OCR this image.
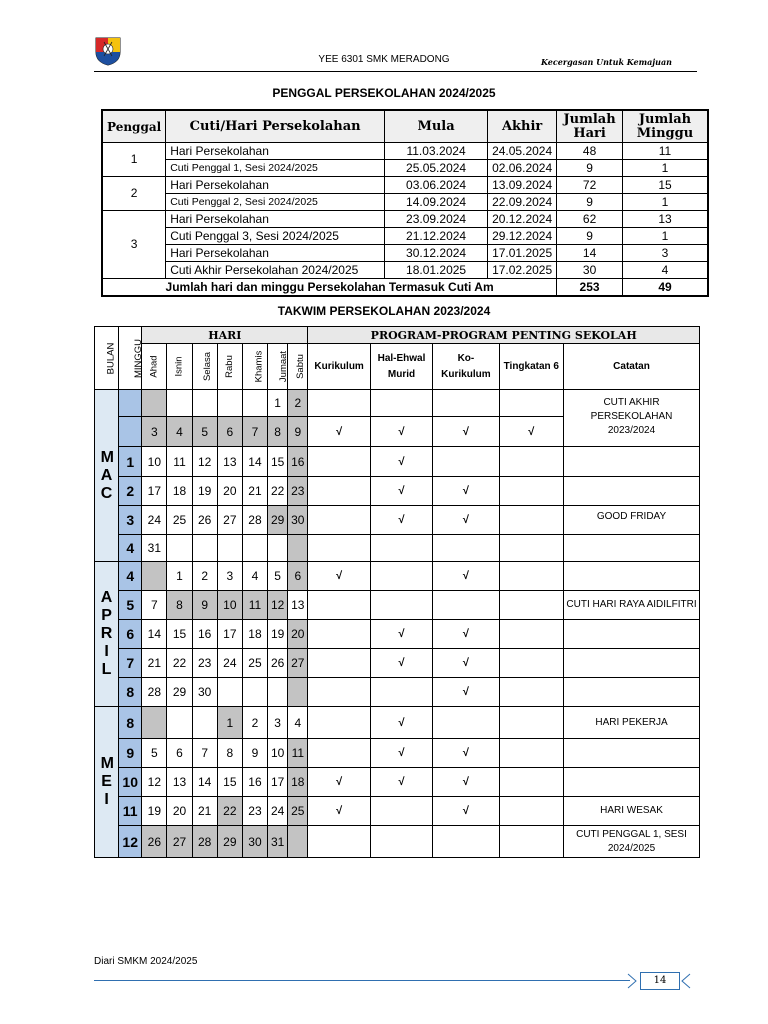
YEE 6301 SMK MERADONG	Kecergasan Untuk Kemajuan
PENGGAL PERSEKOLAHAN 2024/2025
Penggal	Cuti/Hari Persekolahan	Mula	Akhir	Jumlah Hari	Jumlah Minggu
1	Hari Persekolahan	11.03.2024	24.05.2024	48	11
	Cuti Penggal 1, Sesi 2024/2025	25.05.2024	02.06.2024	9	1
2	Hari Persekolahan	03.06.2024	13.09.2024	72	15
	Cuti Penggal 2, Sesi 2024/2025	14.09.2024	22.09.2024	9	1
3	Hari Persekolahan	23.09.2024	20.12.2024	62	13
	Cuti Penggal 3, Sesi 2024/2025	21.12.2024	29.12.2024	9	1
	Hari Persekolahan	30.12.2024	17.01.2025	14	3
	Cuti Akhir Persekolahan 2024/2025	18.01.2025	17.02.2025	30	4
Jumlah hari dan minggu Persekolahan Termasuk Cuti Am				253	49
TAKWIM PERSEKOLAHAN 2023/2024
BULAN	MINGGU	HARI							PROGRAM-PROGRAM PENTING SEKOLAH				
		Ahad	Isnin	Selasa	Rabu	Khamis	Jumaat	Sabtu	Kurikulum	Hal-Ehwal Murid	Ko-Kurikulum	Tingkatan 6	Catatan
MAC							1	2					CUTI AKHIR PERSEKOLAHAN 2023/2024
		3	4	5	6	7	8	9	√	√	√	√	
	1	10	11	12	13	14	15	16		√			
	2	17	18	19	20	21	22	23		√	√		
	3	24	25	26	27	28	29	30		√	√		GOOD FRIDAY
	4	31											
APRIL	4		1	2	3	4	5	6	√		√		
	5	7	8	9	10	11	12	13					CUTI HARI RAYA AIDILFITRI
	6	14	15	16	17	18	19	20		√	√		
	7	21	22	23	24	25	26	27		√	√		
	8	28	29	30							√		
MEI	8				1	2	3	4		√			HARI PEKERJA
	9	5	6	7	8	9	10	11		√	√		
	10	12	13	14	15	16	17	18	√	√	√		
	11	19	20	21	22	23	24	25	√		√		HARI WESAK
	12	26	27	28	29	30	31						CUTI PENGGAL 1, SESI 2024/2025
Diari SMKM 2024/2025
14
